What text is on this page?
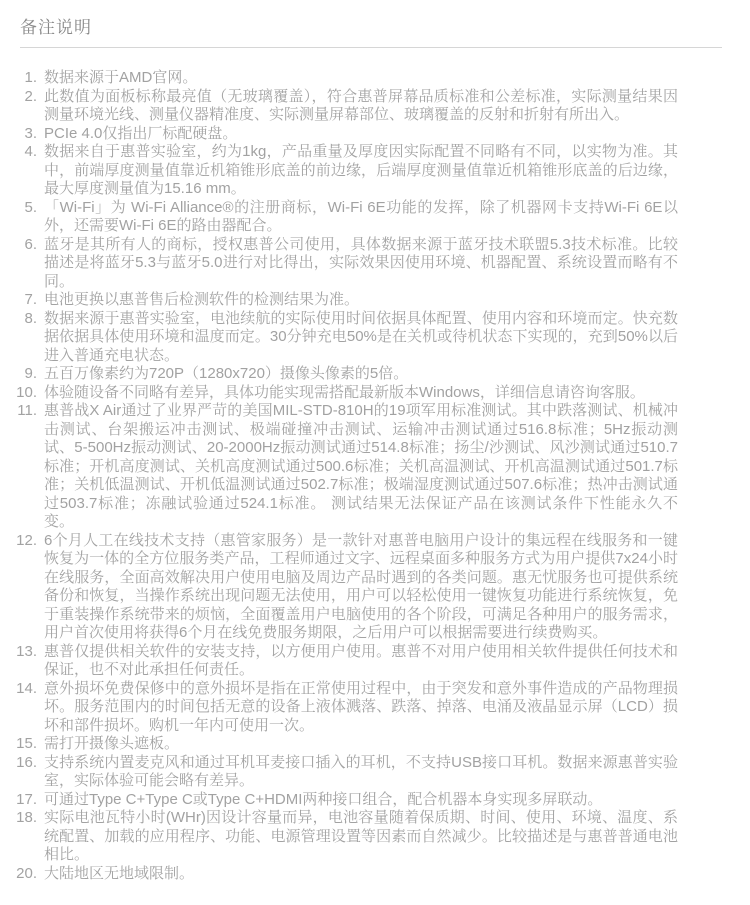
备注说明
1. 数据来源于AMD官网。
2. 此数值为面板标称最亮值（无玻璃覆盖），符合惠普屏幕品质标准和公差标准，实际测量结果因测量环境光线、测量仪器精准度、实际测量屏幕部位、玻璃覆盖的反射和折射有所出入。
3. PCIe 4.0仅指出厂标配硬盘。
4. 数据来自于惠普实验室，约为1kg，产品重量及厚度因实际配置不同略有不同，以实物为准。其中，前端厚度测量值靠近机箱锥形底盖的前边缘，后端厚度测量值靠近机箱锥形底盖的后边缘，最大厚度测量值为15.16 mm。
5. 「Wi-Fi」为 Wi-Fi Alliance®的注册商标，Wi-Fi 6E功能的发挥，除了机器网卡支持Wi-Fi 6E以外，还需要Wi-Fi 6E的路由器配合。
6. 蓝牙是其所有人的商标，授权惠普公司使用，具体数据来源于蓝牙技术联盟5.3技术标准。比较描述是将蓝牙5.3与蓝牙5.0进行对比得出，实际效果因使用环境、机器配置、系统设置而略有不同。
7. 电池更换以惠普售后检测软件的检测结果为准。
8. 数据来源于惠普实验室，电池续航的实际使用时间依据具体配置、使用内容和环境而定。快充数据依据具体使用环境和温度而定。30分钟充电50%是在关机或待机状态下实现的，充到50%以后进入普通充电状态。
9. 五百万像素约为720P（1280x720）摄像头像素的5倍。
10. 体验随设备不同略有差异，具体功能实现需搭配最新版本Windows，详细信息请咨询客服。
11. 惠普战X Air通过了业界严苛的美国MIL-STD-810H的19项军用标准测试。其中跌落测试、机械冲击测试、台架搬运冲击测试、极端碰撞冲击测试、运输冲击测试通过516.8标准；5Hz振动测试、5-500Hz振动测试、20-2000Hz振动测试通过514.8标准；扬尘/沙测试、风沙测试通过510.7标准；开机高度测试、关机高度测试通过500.6标准；关机高温测试、开机高温测试通过501.7标准；关机低温测试、开机低温测试通过502.7标准；极端湿度测试通过507.6标准；热冲击测试通过503.7标准；冻融试验通过524.1标准。 测试结果无法保证产品在该测试条件下性能永久不变。
12. 6个月人工在线技术支持（惠管家服务）是一款针对惠普电脑用户设计的集远程在线服务和一键恢复为一体的全方位服务类产品，工程师通过文字、远程桌面多种服务方式为用户提供7x24小时在线服务，全面高效解决用户使用电脑及周边产品时遇到的各类问题。惠无忧服务也可提供系统备份和恢复，当操作系统出现问题无法使用，用户可以轻松使用一键恢复功能进行系统恢复，免于重装操作系统带来的烦恼，全面覆盖用户电脑使用的各个阶段，可满足各种用户的服务需求，用户首次使用将获得6个月在线免费服务期限，之后用户可以根据需要进行续费购买。
13. 惠普仅提供相关软件的安装支持，以方便用户使用。惠普不对用户使用相关软件提供任何技术和保证，也不对此承担任何责任。
14. 意外损坏免费保修中的意外损坏是指在正常使用过程中，由于突发和意外事件造成的产品物理损坏。服务范围内的时间包括无意的设备上液体溅落、跌落、掉落、电涌及液晶显示屏（LCD）损坏和部件损坏。购机一年内可使用一次。
15. 需打开摄像头遮板。
16. 支持系统内置麦克风和通过耳机耳麦接口插入的耳机，不支持USB接口耳机。数据来源惠普实验室，实际体验可能会略有差异。
17. 可通过Type C+Type C或Type C+HDMI两种接口组合，配合机器本身实现多屏联动。
18. 实际电池瓦特小时(WHr)因设计容量而异，电池容量随着保质期、时间、使用、环境、温度、系统配置、加载的应用程序、功能、电源管理设置等因素而自然减少。比较描述是与惠普普通电池相比。
20. 大陆地区无地域限制。
